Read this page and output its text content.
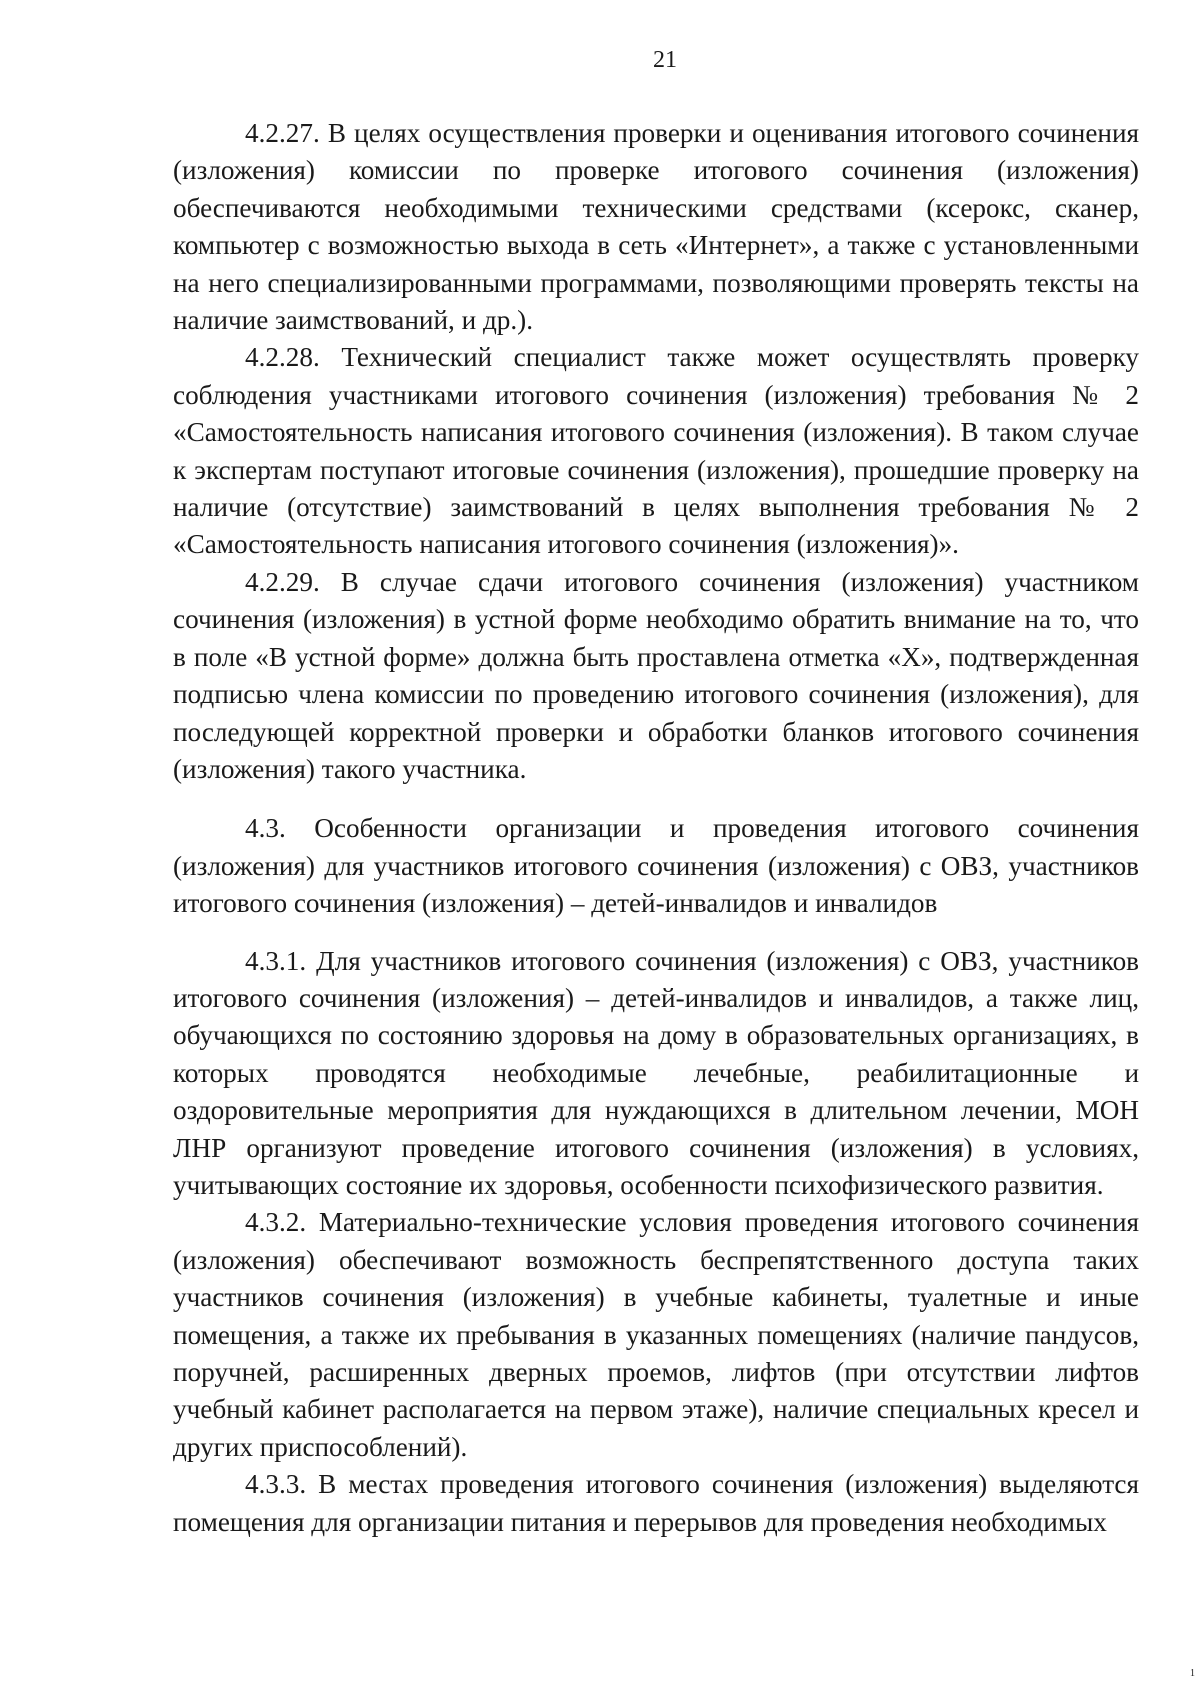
21

4.2.27. В целях осуществления проверки и оценивания итогового сочинения (изложения) комиссии по проверке итогового сочинения (изложения) обеспечиваются необходимыми техническими средствами (ксерокс, сканер, компьютер с возможностью выхода в сеть «Интернет», а также с установленными на него специализированными программами, позволяющими проверять тексты на наличие заимствований, и др.).

4.2.28. Технический специалист также может осуществлять проверку соблюдения участниками итогового сочинения (изложения) требования № 2 «Самостоятельность написания итогового сочинения (изложения). В таком случае к экспертам поступают итоговые сочинения (изложения), прошедшие проверку на наличие (отсутствие) заимствований в целях выполнения требования № 2 «Самостоятельность написания итогового сочинения (изложения)».

4.2.29. В случае сдачи итогового сочинения (изложения) участником сочинения (изложения) в устной форме необходимо обратить внимание на то, что в поле «В устной форме» должна быть проставлена отметка «Х», подтвержденная подписью члена комиссии по проведению итогового сочинения (изложения), для последующей корректной проверки и обработки бланков итогового сочинения (изложения) такого участника.

4.3. Особенности организации и проведения итогового сочинения (изложения) для участников итогового сочинения (изложения) с ОВЗ, участников итогового сочинения (изложения) – детей-инвалидов и инвалидов

4.3.1. Для участников итогового сочинения (изложения) с ОВЗ, участников итогового сочинения (изложения) – детей-инвалидов и инвалидов, а также лиц, обучающихся по состоянию здоровья на дому в образовательных организациях, в которых проводятся необходимые лечебные, реабилитационные и оздоровительные мероприятия для нуждающихся в длительном лечении, МОН ЛНР организуют проведение итогового сочинения (изложения) в условиях, учитывающих состояние их здоровья, особенности психофизического развития.

4.3.2. Материально-технические условия проведения итогового сочинения (изложения) обеспечивают возможность беспрепятственного доступа таких участников сочинения (изложения) в учебные кабинеты, туалетные и иные помещения, а также их пребывания в указанных помещениях (наличие пандусов, поручней, расширенных дверных проемов, лифтов (при отсутствии лифтов учебный кабинет располагается на первом этаже), наличие специальных кресел и других приспособлений).

4.3.3. В местах проведения итогового сочинения (изложения) выделяются помещения для организации питания и перерывов для проведения необходимых

1
